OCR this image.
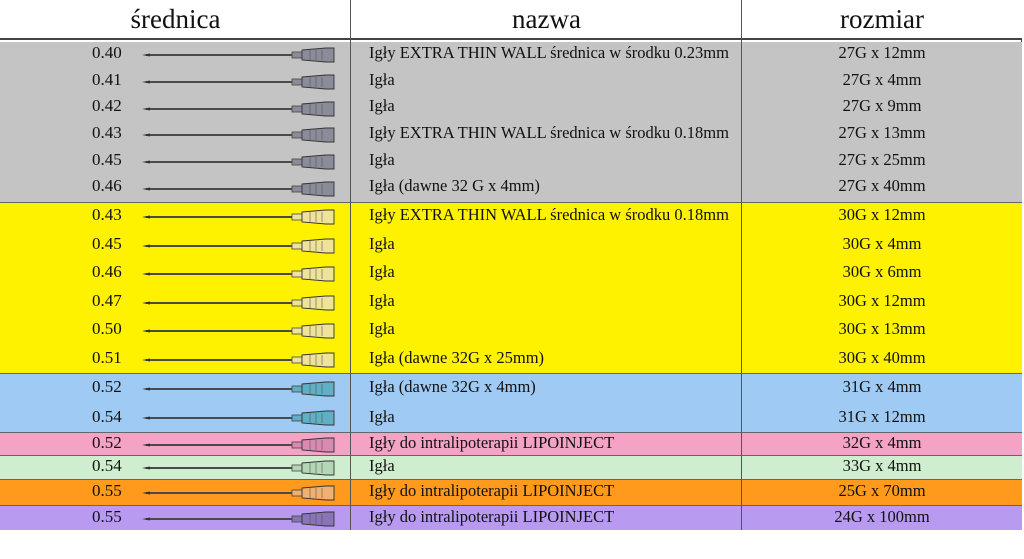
średnica	nazwa	rozmiar
0.40	Igły EXTRA THIN WALL średnica w środku 0.23mm	27G x 12mm
0.41	Igła	27G x 4mm
0.42	Igła	27G x 9mm
0.43	Igły EXTRA THIN WALL średnica w środku 0.18mm	27G x 13mm
0.45	Igła	27G x 25mm
0.46	Igła (dawne 32 G x 4mm)	27G x 40mm
0.43	Igły EXTRA THIN WALL średnica w środku 0.18mm	30G x 12mm
0.45	Igła	30G x 4mm
0.46	Igła	30G x 6mm
0.47	Igła	30G x 12mm
0.50	Igła	30G x 13mm
0.51	Igła (dawne 32G x 25mm)	30G x 40mm
0.52	Igła (dawne 32G x 4mm)	31G x 4mm
0.54	Igła	31G x 12mm
0.52	Igły do intralipoterapii LIPOINJECT	32G x 4mm
0.54	Igła	33G x 4mm
0.55	Igły do intralipoterapii LIPOINJECT	25G x 70mm
0.55	Igły do intralipoterapii LIPOINJECT	24G x 100mm
